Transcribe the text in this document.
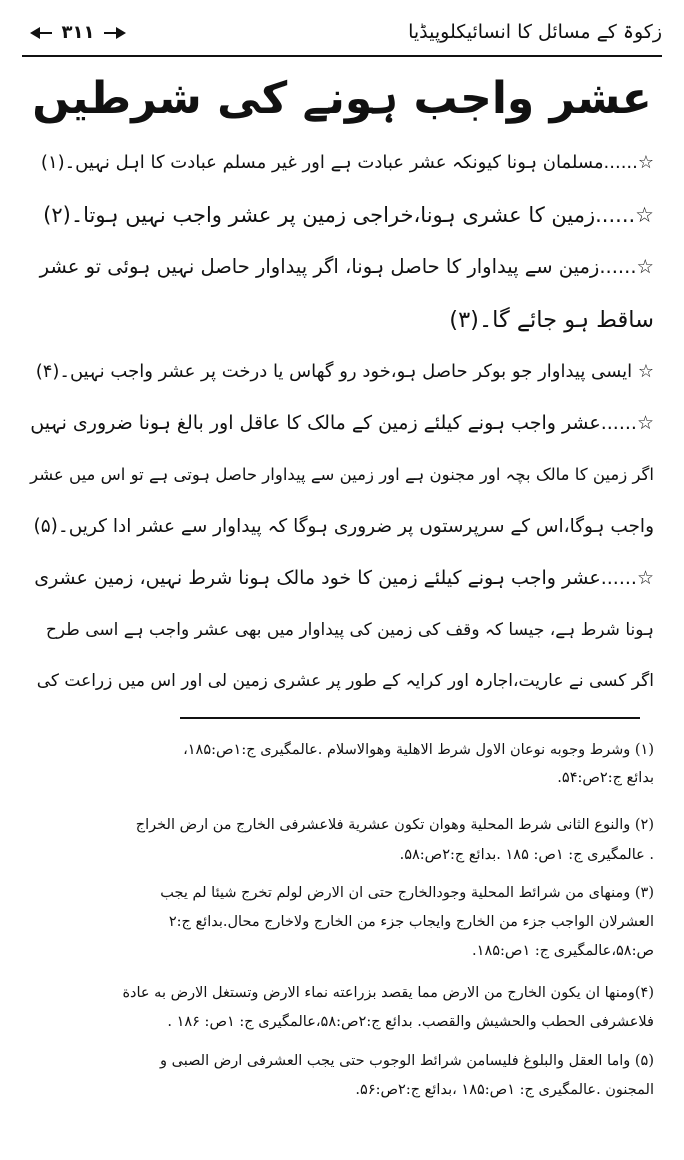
زکوۃ کے مسائل کا انسائیکلوپیڈیا
۳۱۱
عشر واجب ہونے کی شرطیں
☆......مسلمان ہونا کیونکہ عشر عبادت ہے اور غیر مسلم عبادت کا اہل نہیں۔(۱)
☆......زمین کا عشری ہونا،خراجی زمین پر عشر واجب نہیں ہوتا۔(۲)
☆......زمین سے پیداوار کا حاصل ہونا، اگر پیداوار حاصل نہیں ہوئی تو عشر
ساقط ہو جائے گا۔(۳)
☆ ایسی پیداوار جو بوکر حاصل ہو،خود رو گھاس یا درخت پر عشر واجب نہیں۔(۴)
☆......عشر واجب ہونے کیلئے زمین کے مالک کا عاقل اور بالغ ہونا ضروری نہیں
اگر زمین کا مالک بچہ اور مجنون ہے اور زمین سے پیداوار حاصل ہوتی ہے تو اس میں عشر
واجب ہوگا،اس کے سرپرستوں پر ضروری ہوگا کہ پیداوار سے عشر ادا کریں۔(۵)
☆......عشر واجب ہونے کیلئے زمین کا خود مالک ہونا شرط نہیں، زمین عشری
ہونا شرط ہے، جیسا کہ وقف کی زمین کی پیداوار میں بھی عشر واجب ہے اسی طرح
اگر کسی نے عاریت،اجارہ اور کرایہ کے طور پر عشری زمین لی اور اس میں زراعت کی
(۱) وشرط وجوبه نوعان الاول شرط الاهلية وهوالاسلام .عالمگیری ج:۱ص:۱۸۵،
بدائع ج:۲ص:۵۴.
(۲) والنوع الثانی شرط المحلية وهوان تكون عشرية فلاعشرفی الخارج من ارض الخراج
. عالمگیری ج: ۱ص: ۱۸۵ .بدائع ج:۲ص:۵۸.
(۳) ومنهاى من شرائط المحلية وجودالخارج حتى ان الارض لولم تخرج شيئا لم يجب
العشرلان الواجب جزء من الخارج وايجاب جزء من الخارج ولاخارج محال.بدائع ج:۲
ص:۵۸،عالمگیری ج: ۱ص:۱۸۵.
(۴)ومنها ان يكون الخارج من الارض مما يقصد بزراعته نماء الارض وتستغل الارض به عادة
فلاعشرفی الحطب والحشيش والقصب. بدائع ج:۲ص:۵۸،عالمگیری ج: ۱ص: ۱۸۶ .
(۵) واما العقل والبلوغ فليسامن شرائط الوجوب حتى يجب العشرفی ارض الصبی و
المجنون .عالمگیری ج: ۱ص:۱۸۵ ،بدائع ج:۲ص:۵۶.
